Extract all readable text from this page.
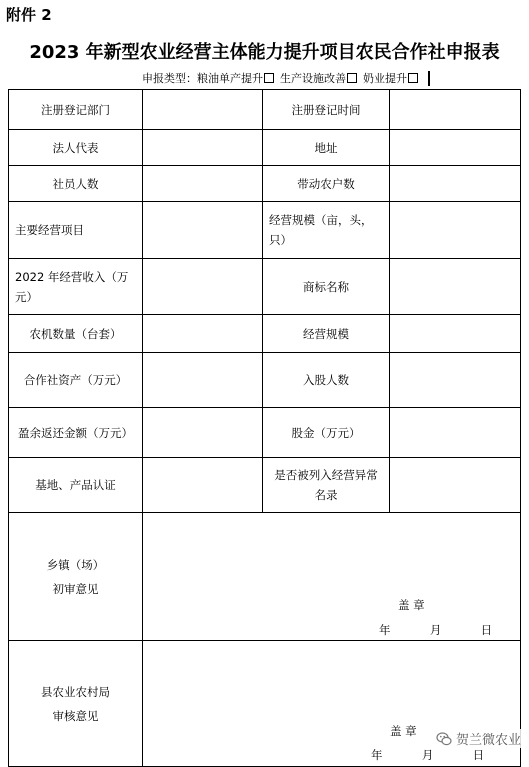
附件 2
2023 年新型农业经营主体能力提升项目农民合作社申报表
申报类型： 粮油单产提升 生产设施改善 奶业提升
注册登记部门		注册登记时间	
法人代表		地址	
社员人数		带动农户数	
主要经营项目		经营规模（亩，头，只）	
2022 年经营收入（万元）		商标名称	
农机数量（台套）		经营规模	
合作社资产（万元）		入股人数	
盈余返还金额（万元）		股金（万元）	
基地、产品认证		是否被列入经营异常名录	
乡镇（场）
初审意见	盖 章
年 月 日		

县农业农村局
审核意见	盖 章
年 月 日		
贺兰微农业
